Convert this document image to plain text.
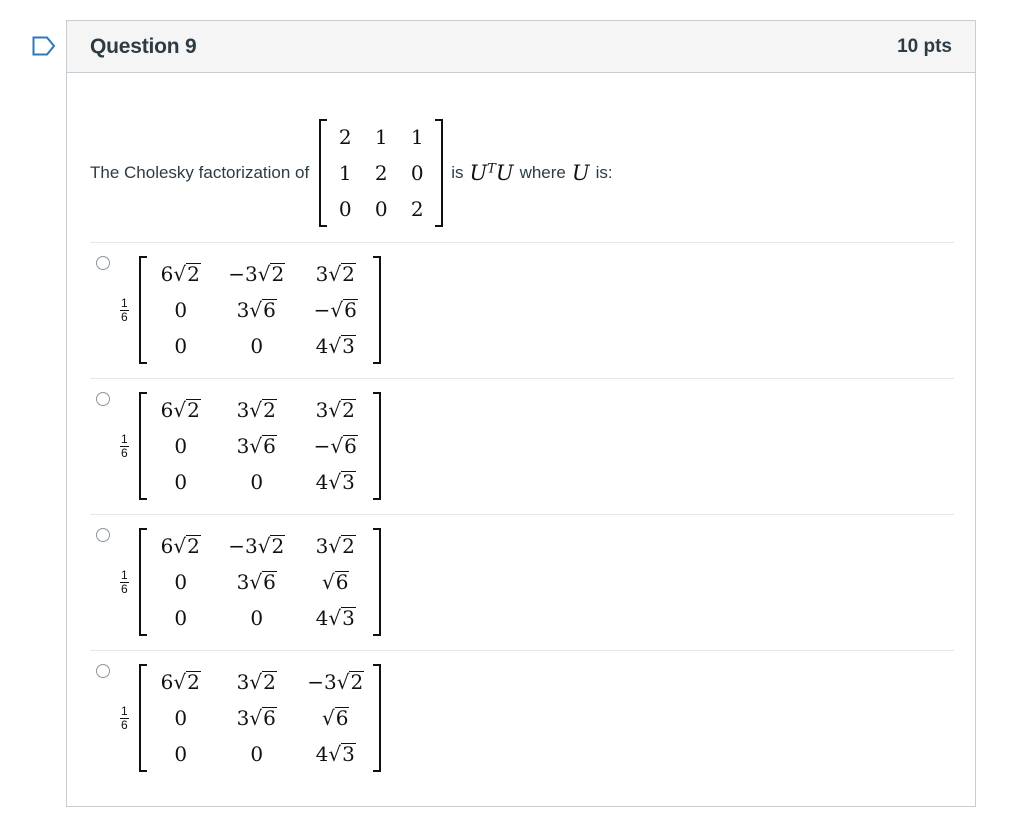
Question 9	10 pts
The Cholesky factorization of
2	1	1
1	2	0
0	0	2
is $U^TU$ where U is:
$\frac{1}{6}$
6√2	−3√2	3√2
0	3√6	−√6
0	0	4√3
$\frac{1}{6}$
6√2	3√2	3√2
0	3√6	−√6
0	0	4√3
$\frac{1}{6}$
6√2	−3√2	3√2
0	3√6	√6
0	0	4√3
$\frac{1}{6}$
6√2	3√2	−3√2
0	3√6	√6
0	0	4√3
